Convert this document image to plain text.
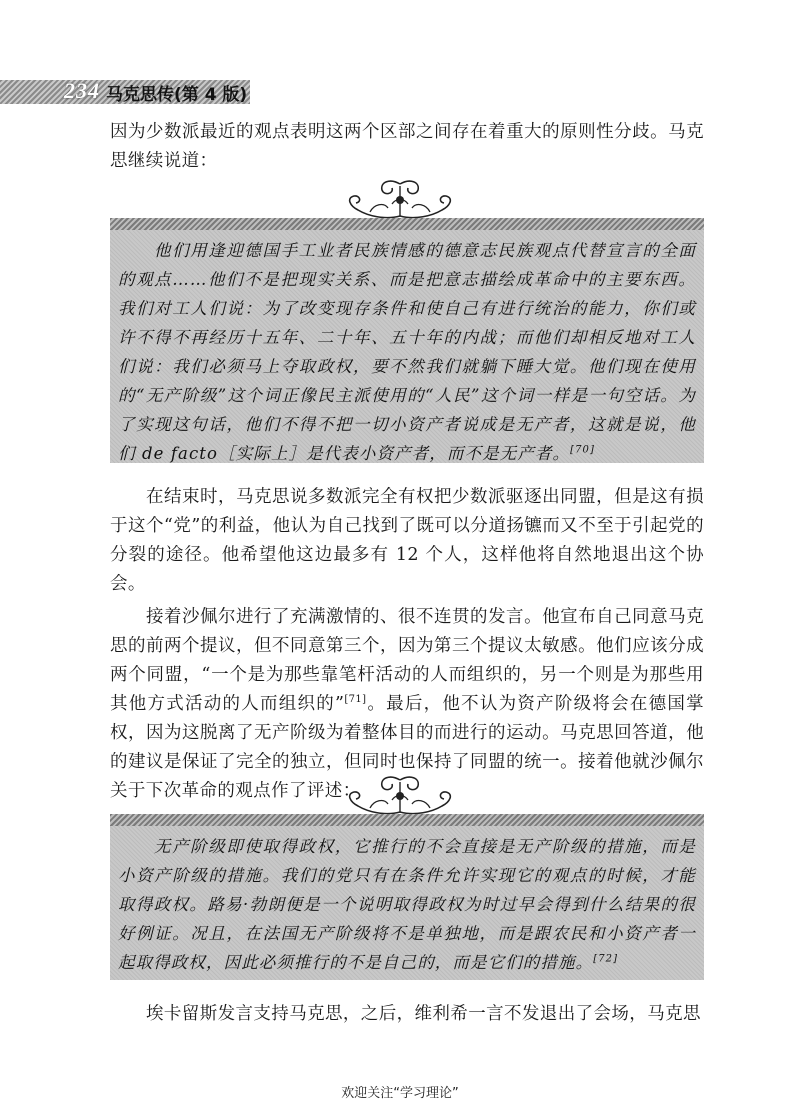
234 马克思传(第 4 版)

因为少数派最近的观点表明这两个区部之间存在着重大的原则性分歧。马克思继续说道：

他们用逢迎德国手工业者民族情感的德意志民族观点代替宣言的全面的观点……他们不是把现实关系、而是把意志描绘成革命中的主要东西。我们对工人们说：为了改变现存条件和使自己有进行统治的能力，你们或许不得不再经历十五年、二十年、五十年的内战；而他们却相反地对工人们说：我们必须马上夺取政权，要不然我们就躺下睡大觉。他们现在使用的“无产阶级”这个词正像民主派使用的“人民”这个词一样是一句空话。为了实现这句话，他们不得不把一切小资产者说成是无产者，这就是说，他们 de facto［实际上］是代表小资产者，而不是无产者。[70]

在结束时，马克思说多数派完全有权把少数派驱逐出同盟，但是这有损于这个“党”的利益，他认为自己找到了既可以分道扬镳而又不至于引起党的分裂的途径。他希望他这边最多有 12 个人，这样他将自然地退出这个协会。

接着沙佩尔进行了充满激情的、很不连贯的发言。他宣布自己同意马克思的前两个提议，但不同意第三个，因为第三个提议太敏感。他们应该分成两个同盟，“一个是为那些靠笔杆活动的人而组织的，另一个则是为那些用其他方式活动的人而组织的”[71]。最后，他不认为资产阶级将会在德国掌权，因为这脱离了无产阶级为着整体目的而进行的运动。马克思回答道，他的建议是保证了完全的独立，但同时也保持了同盟的统一。接着他就沙佩尔关于下次革命的观点作了评述：

无产阶级即使取得政权，它推行的不会直接是无产阶级的措施，而是小资产阶级的措施。我们的党只有在条件允许实现它的观点的时候，才能取得政权。路易·勃朗便是一个说明取得政权为时过早会得到什么结果的很好例证。况且，在法国无产阶级将不是单独地，而是跟农民和小资产者一起取得政权，因此必须推行的不是自己的，而是它们的措施。[72]

埃卡留斯发言支持马克思，之后，维利希一言不发退出了会场，马克思

欢迎关注“学习理论”
